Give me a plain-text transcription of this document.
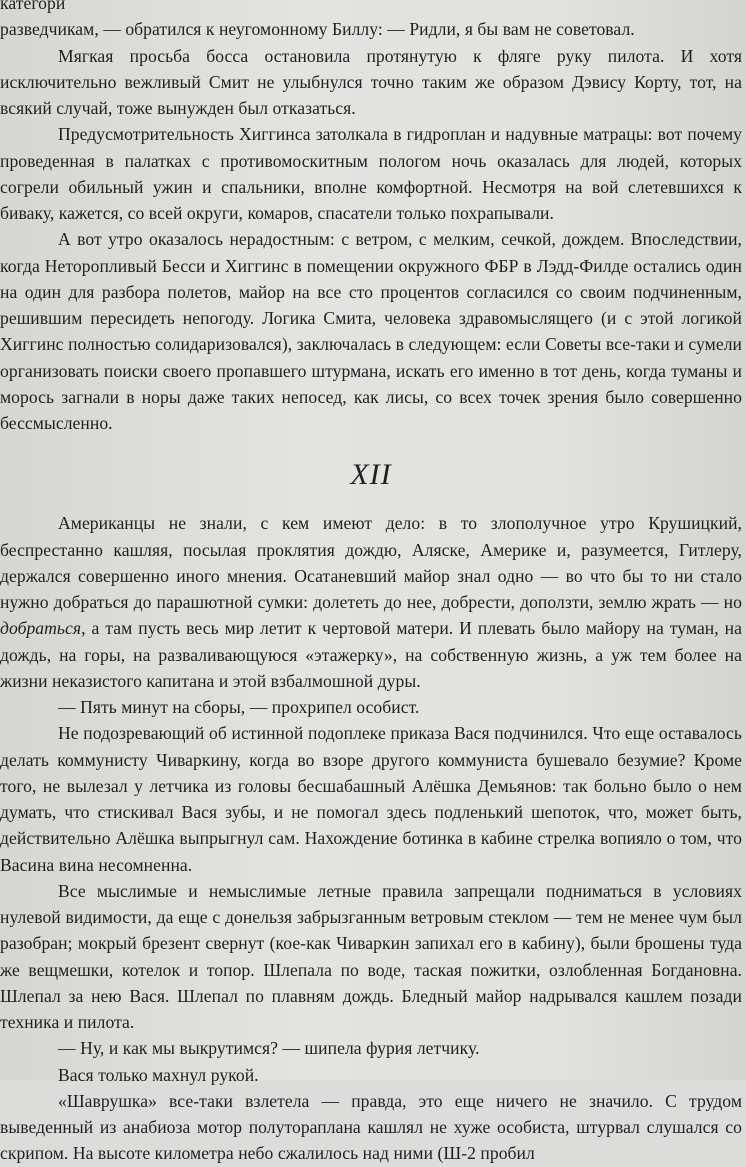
категори

разведчикам, — обратился к неугомонному Биллу: — Ридли, я бы вам не советовал.

Мягкая просьба босса остановила протянутую к фляге руку пилота. И хотя исключительно вежливый Смит не улыбнулся точно таким же образом Дэвису Корту, тот, на всякий случай, тоже вынужден был отказаться.

Предусмотрительность Хиггинса затолкала в гидроплан и надувные матрацы: вот почему проведенная в палатках с противомоскитным пологом ночь оказалась для людей, которых согрели обильный ужин и спальники, вполне комфортной. Несмотря на вой слетевшихся к биваку, кажется, со всей округи, комаров, спасатели только похрапывали.

А вот утро оказалось нерадостным: с ветром, с мелким, сечкой, дождем. Впоследствии, когда Неторопливый Бесси и Хиггинс в помещении окружного ФБР в Лэдд-Филде остались один на один для разбора полетов, майор на все сто процентов согласился со своим подчиненным, решившим пересидеть непогоду. Логика Смита, человека здравомыслящего (и с этой логикой Хиггинс полностью солидаризовался), заключалась в следующем: если Советы все-таки и сумели организовать поиски своего пропавшего штурмана, искать его именно в тот день, когда туманы и морось загнали в норы даже таких непосед, как лисы, со всех точек зрения было совершенно бессмысленно.

XII

Американцы не знали, с кем имеют дело: в то злополучное утро Крушицкий, беспрестанно кашляя, посылая проклятия дождю, Аляске, Америке и, разумеется, Гитлеру, держался совершенно иного мнения. Осатаневший майор знал одно — во что бы то ни стало нужно добраться до парашютной сумки: долететь до нее, добрести, доползти, землю жрать — но добраться, а там пусть весь мир летит к чертовой матери. И плевать было майору на туман, на дождь, на горы, на разваливающуюся «этажерку», на собственную жизнь, а уж тем более на жизни неказистого капитана и этой взбалмошной дуры.

— Пять минут на сборы, — прохрипел особист.

Не подозревающий об истинной подоплеке приказа Вася подчинился. Что еще оставалось делать коммунисту Чиваркину, когда во взоре другого коммуниста бушевало безумие? Кроме того, не вылезал у летчика из головы бесшабашный Алёшка Демьянов: так больно было о нем думать, что стискивал Вася зубы, и не помогал здесь подленький шепоток, что, может быть, действительно Алёшка выпрыгнул сам. Нахождение ботинка в кабине стрелка вопияло о том, что Васина вина несомненна.

Все мыслимые и немыслимые летные правила запрещали подниматься в условиях нулевой видимости, да еще с донельзя забрызганным ветровым стеклом — тем не менее чум был разобран; мокрый брезент свернут (кое-как Чиваркин запихал его в кабину), были брошены туда же вещмешки, котелок и топор. Шлепала по воде, таская пожитки, озлобленная Богдановна. Шлепал за нею Вася. Шлепал по плавням дождь. Бледный майор надрывался кашлем позади техника и пилота.

— Ну, и как мы выкрутимся? — шипела фурия летчику.

Вася только махнул рукой.

«Шаврушка» все-таки взлетела — правда, это еще ничего не значило. С трудом выведенный из анабиоза мотор полутораплана кашлял не хуже особиста, штурвал слушался со скрипом. На высоте километра небо сжалилось над ними (Ш-2 пробил
